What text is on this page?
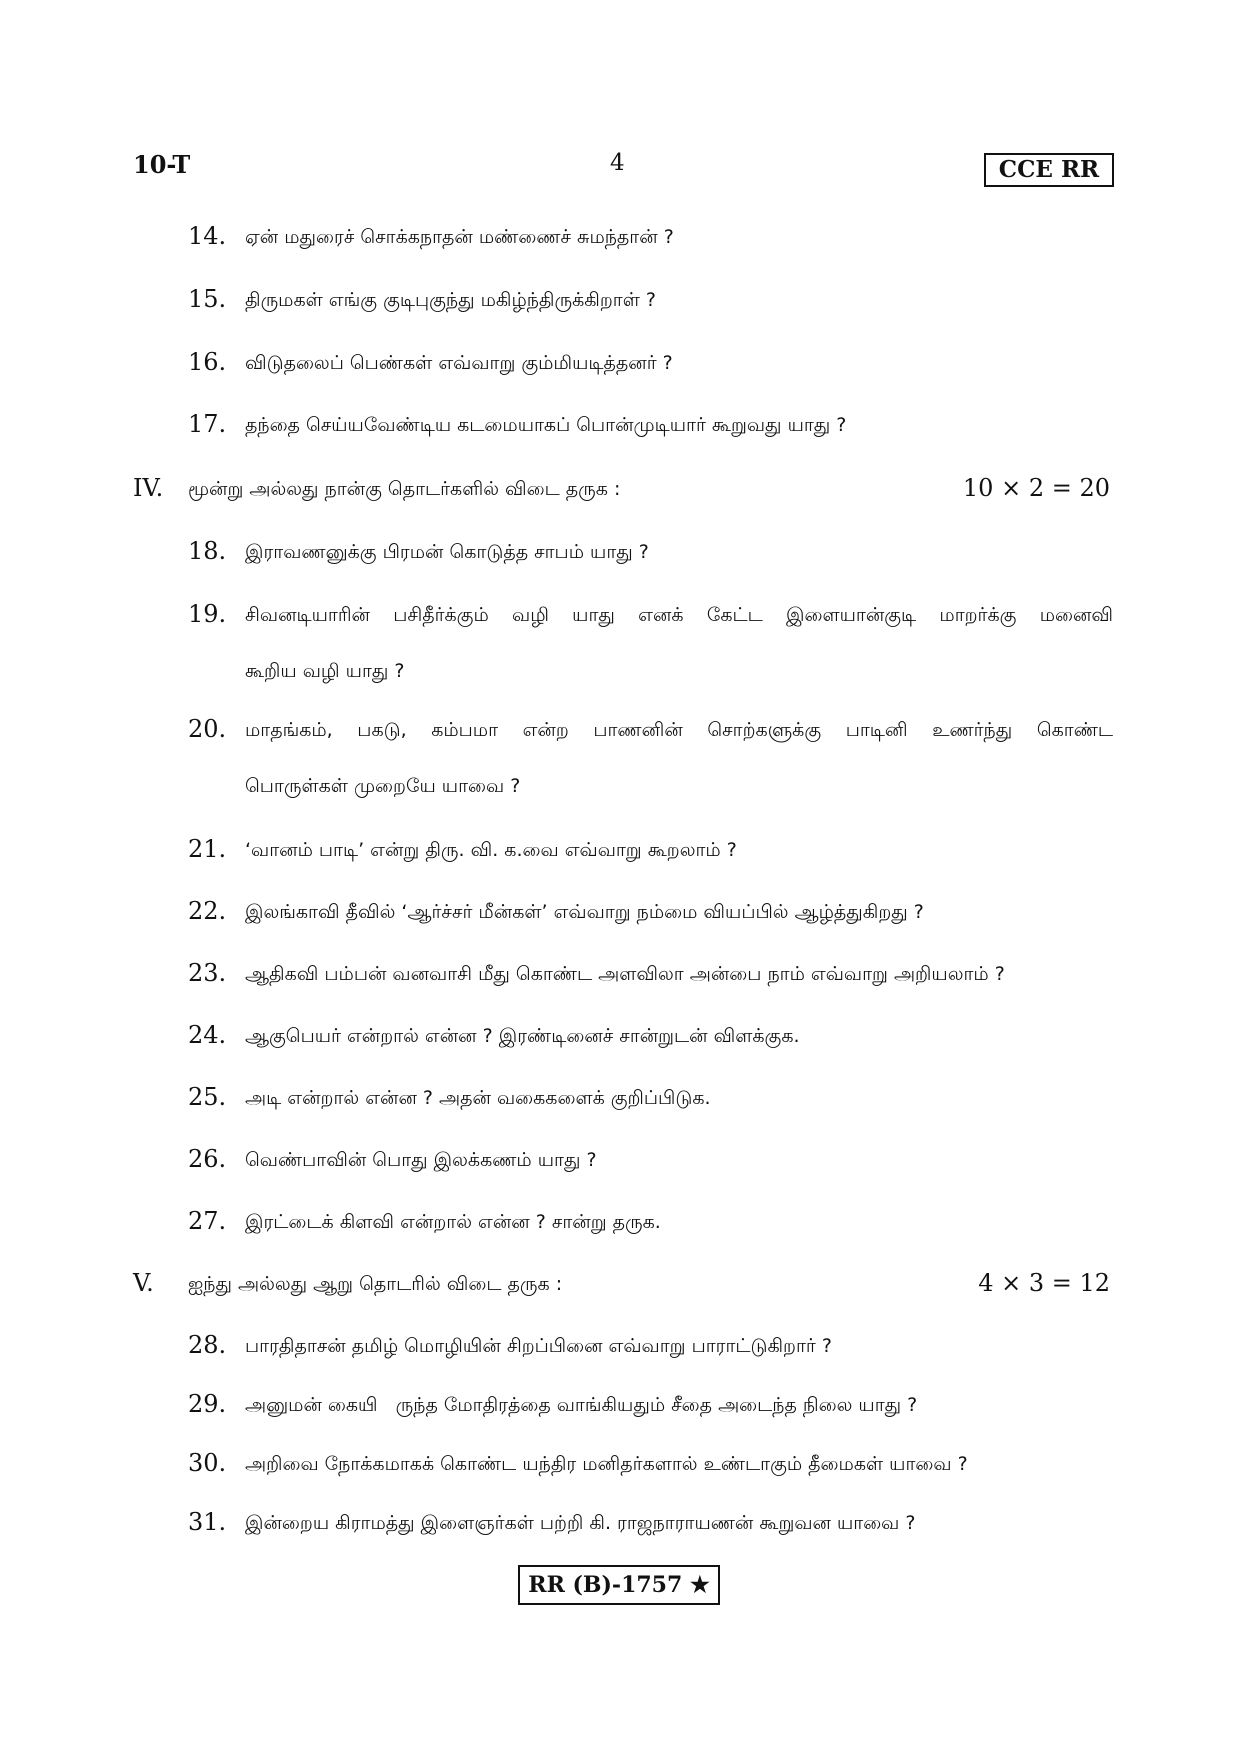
10-T	4	CCE RR
14. ஏன் மதுரைச் சொக்கநாதன் மண்ணைச் சுமந்தான் ?
15. திருமகள் எங்கு குடிபுகுந்து மகிழ்ந்திருக்கிறாள் ?
16. விடுதலைப் பெண்கள் எவ்வாறு கும்மியடித்தனர் ?
17. தந்தை செய்யவேண்டிய கடமையாகப் பொன்முடியார் கூறுவது யாது ?
IV. மூன்று அல்லது நான்கு தொடர்களில் விடை தருக :	10 × 2 = 20
18. இராவணனுக்கு பிரமன் கொடுத்த சாபம் யாது ?
19. சிவனடியாரின் பசிதீர்க்கும் வழி யாது எனக் கேட்ட இளையான்குடி மாறர்க்கு மனைவி
கூறிய வழி யாது ?
20. மாதங்கம், பகடு, கம்பமா என்ற பாணனின் சொற்களுக்கு பாடினி உணர்ந்து கொண்ட
பொருள்கள் முறையே யாவை ?
21. ‘வானம் பாடி’ என்று திரு. வி. க.வை எவ்வாறு கூறலாம் ?
22. இலங்காவி தீவில் ‘ஆர்ச்சர் மீன்கள்’ எவ்வாறு நம்மை வியப்பில் ஆழ்த்துகிறது ?
23. ஆதிகவி பம்பன் வனவாசி மீது கொண்ட அளவிலா அன்பை நாம் எவ்வாறு அறியலாம் ?
24. ஆகுபெயர் என்றால் என்ன ? இரண்டினைச் சான்றுடன் விளக்குக.
25. அடி என்றால் என்ன ? அதன் வகைகளைக் குறிப்பிடுக.
26. வெண்பாவின் பொது இலக்கணம் யாது ?
27. இரட்டைக் கிளவி என்றால் என்ன ? சான்று தருக.
V. ஐந்து அல்லது ஆறு தொடரில் விடை தருக :	4 × 3 = 12
28. பாரதிதாசன் தமிழ் மொழியின் சிறப்பினை எவ்வாறு பாராட்டுகிறார் ?
29. அனுமன் கையி   ருந்த மோதிரத்தை வாங்கியதும் சீதை அடைந்த நிலை யாது ?
30. அறிவை நோக்கமாகக் கொண்ட யந்திர மனிதர்களால் உண்டாகும் தீமைகள் யாவை ?
31. இன்றைய கிராமத்து இளைஞர்கள் பற்றி கி. ராஜநாராயணன் கூறுவன யாவை ?
RR (B)-1757 ★
